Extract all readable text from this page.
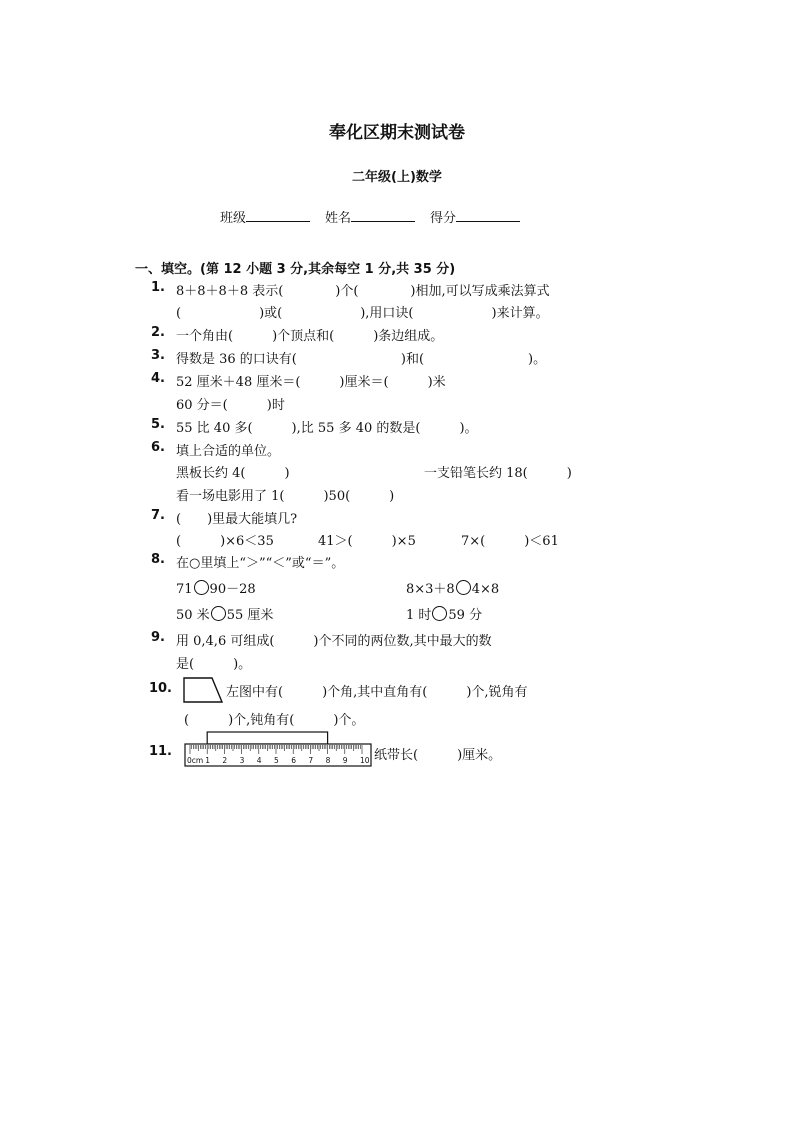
奉化区期末测试卷
二年级(上)数学
班级	姓名	得分
一、填空。(第 12 小题 3 分,其余每空 1 分,共 35 分)
1. 8＋8＋8＋8 表示(　　　　)个(　　　　)相加,可以写成乘法算式
(　　　　　　)或(　　　　　　),用口诀(　　　　　　)来计算。
2. 一个角由(　　　)个顶点和(　　　)条边组成。
3. 得数是 36 的口诀有(　　　　　　　　)和(　　　　　　　　)。
4. 52 厘米＋48 厘米＝(　　　)厘米＝(　　　)米
60 分＝(　　　)时
5. 55 比 40 多(　　　),比 55 多 40 的数是(　　　)。
6. 填上合适的单位。
黑板长约 4(　　　)	一支铅笔长约 18(　　　)
看一场电影用了 1(　　　)50(　　　)
7. (　　)里最大能填几?
(　　　)×6＜35	41＞(　　　)×5	7×(　　　)＜61
8. 在○里填上“＞”“＜”或“＝”。
71 90－28	8×3＋8 4×8
50 米 55 厘米	1 时 59 分
9. 用 0,4,6 可组成(　　　)个不同的两位数,其中最大的数
是(　　　)。
10.	左图中有(　　　)个角,其中直角有(　　　)个,锐角有
(　　　)个,钝角有(　　　)个。
11.
0cm 1 2 3 4 5 6 7 8 9 10 纸带长(　　　)厘米。
